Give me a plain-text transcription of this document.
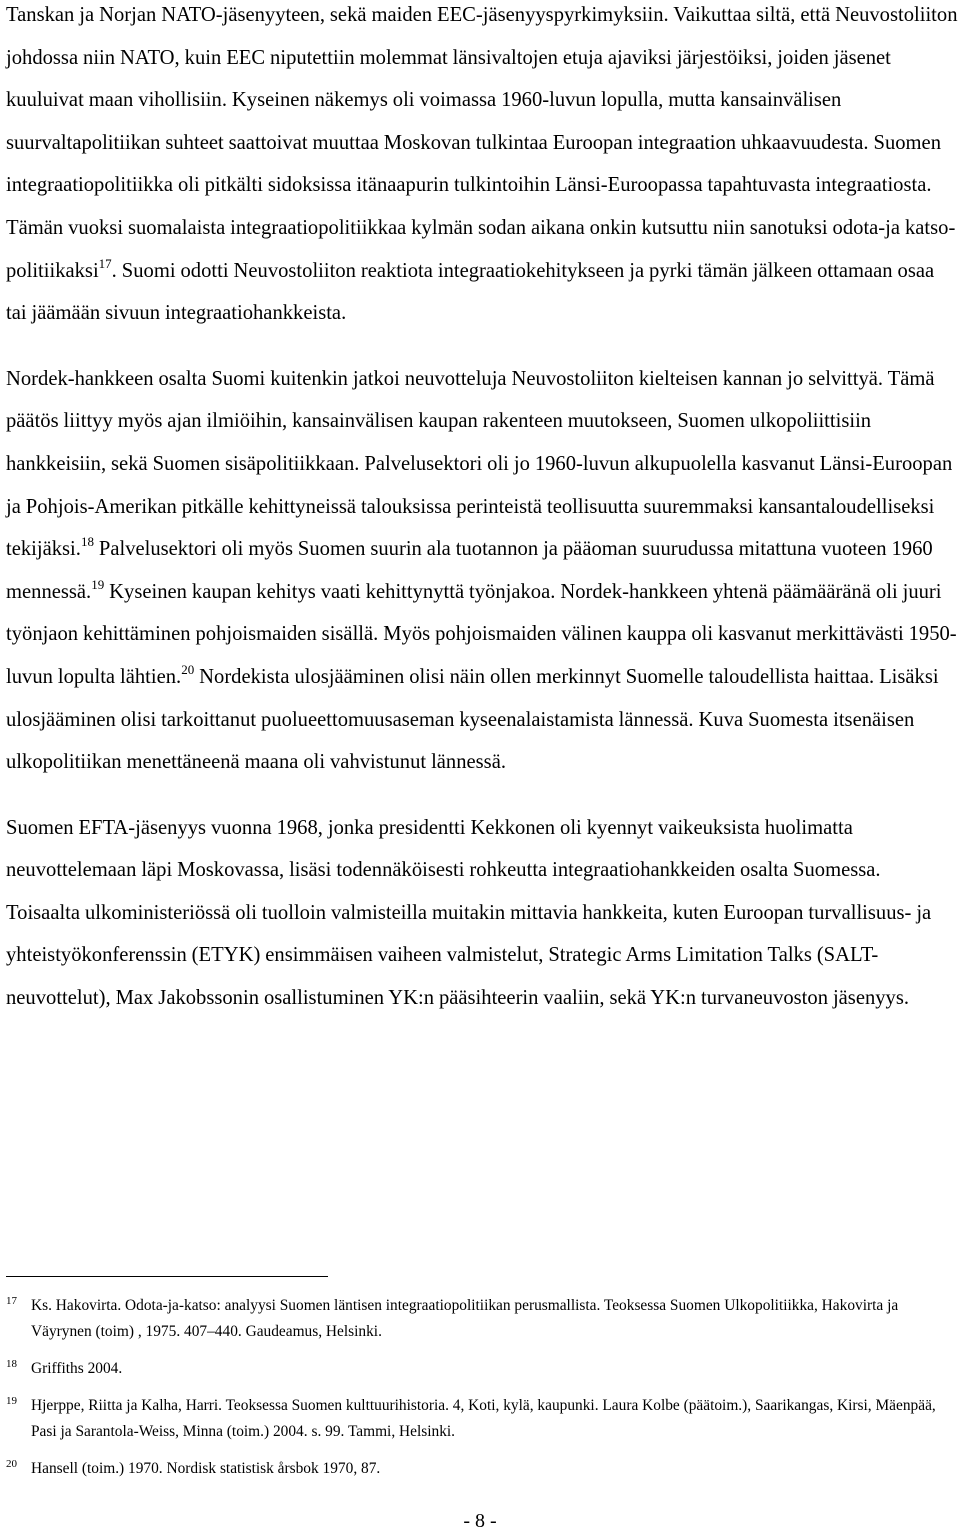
Tanskan ja Norjan NATO-jäsenyyteen, sekä maiden EEC-jäsenyyspyrkimyksiin. Vaikuttaa siltä, että Neuvostoliiton johdossa niin NATO, kuin EEC niputettiin molemmat länsivaltojen etuja ajaviksi järjestöiksi, joiden jäsenet kuuluivat maan vihollisiin. Kyseinen näkemys oli voimassa 1960-luvun lopulla, mutta kansainvälisen suurvaltapolitiikan suhteet saattoivat muuttaa Moskovan tulkintaa Euroopan integraation uhkaavuudesta. Suomen integraatiopolitiikka oli pitkälti sidoksissa itänaapurin tulkintoihin Länsi-Euroopassa tapahtuvasta integraatiosta. Tämän vuoksi suomalaista integraatiopolitiikkaa kylmän sodan aikana onkin kutsuttu niin sanotuksi odota-ja katso-politiikaksi$^{17}$. Suomi odotti Neuvostoliiton reaktiota integraatiokehitykseen ja pyrki tämän jälkeen ottamaan osaa tai jäämään sivuun integraatiohankkeista.

Nordek-hankkeen osalta Suomi kuitenkin jatkoi neuvotteluja Neuvostoliiton kielteisen kannan jo selvittyä. Tämä päätös liittyy myös ajan ilmiöihin, kansainvälisen kaupan rakenteen muutokseen, Suomen ulkopoliittisiin hankkeisiin, sekä Suomen sisäpolitiikkaan. Palvelusektori oli jo 1960-luvun alkupuolella kasvanut Länsi-Euroopan ja Pohjois-Amerikan pitkälle kehittyneissä talouksissa perinteistä teollisuutta suuremmaksi kansantaloudelliseksi tekijäksi.$^{18}$ Palvelusektori oli myös Suomen suurin ala tuotannon ja pääoman suurudussa mitattuna vuoteen 1960 mennessä.$^{19}$ Kyseinen kaupan kehitys vaati kehittynyttä työnjakoa. Nordek-hankkeen yhtenä päämääränä oli juuri työnjaon kehittäminen pohjoismaiden sisällä. Myös pohjoismaiden välinen kauppa oli kasvanut merkittävästi 1950-luvun lopulta lähtien.$^{20}$ Nordekista ulosjääminen olisi näin ollen merkinnyt Suomelle taloudellista haittaa. Lisäksi ulosjääminen olisi tarkoittanut puolueettomuusaseman kyseenalaistamista lännessä. Kuva Suomesta itsenäisen ulkopolitiikan menettäneenä maana oli vahvistunut lännessä.

Suomen EFTA-jäsenyys vuonna 1968, jonka presidentti Kekkonen oli kyennyt vaikeuksista huolimatta neuvottelemaan läpi Moskovassa, lisäsi todennäköisesti rohkeutta integraatiohankkeiden osalta Suomessa. Toisaalta ulkoministeriössä oli tuolloin valmisteilla muitakin mittavia hankkeita, kuten Euroopan turvallisuus- ja yhteistyökonferenssin (ETYK) ensimmäisen vaiheen valmistelut, Strategic Arms Limitation Talks (SALT-neuvottelut), Max Jakobssonin osallistuminen YK:n pääsihteerin vaaliin, sekä YK:n turvaneuvoston jäsenyys.

17 Ks. Hakovirta. Odota-ja-katso: analyysi Suomen läntisen integraatiopolitiikan perusmallista. Teoksessa Suomen Ulkopolitiikka, Hakovirta ja Väyrynen (toim) , 1975. 407–440. Gaudeamus, Helsinki.

18 Griffiths 2004.

19 Hjerppe, Riitta ja Kalha, Harri. Teoksessa Suomen kulttuurihistoria. 4, Koti, kylä, kaupunki. Laura Kolbe (päätoim.), Saarikangas, Kirsi, Mäenpää, Pasi ja Sarantola-Weiss, Minna (toim.) 2004. s. 99. Tammi, Helsinki.

20 Hansell (toim.) 1970. Nordisk statistisk årsbok 1970, 87.

- 8 -
